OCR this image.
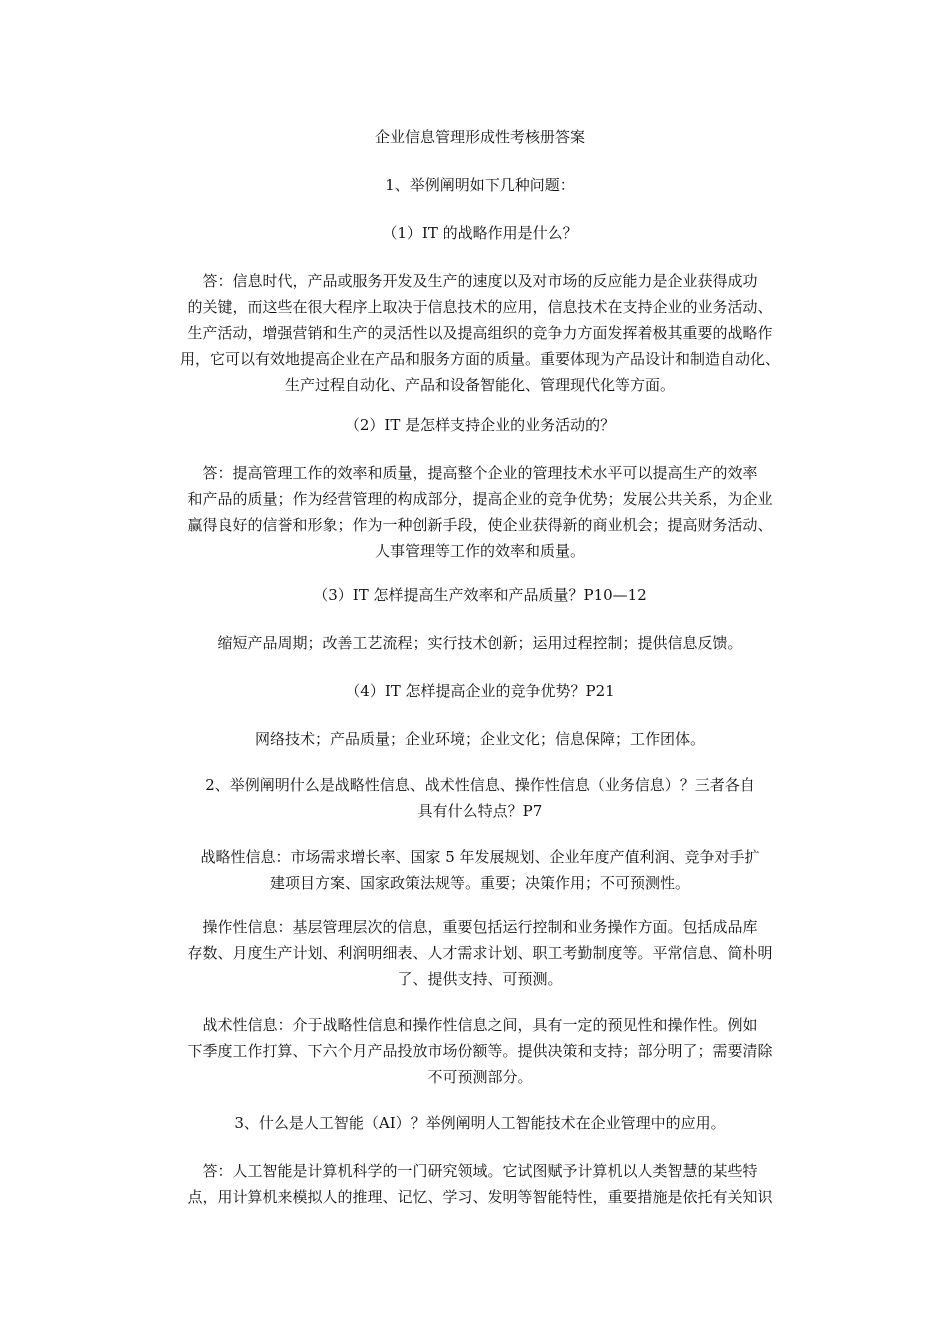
企业信息管理形成性考核册答案

1、举例阐明如下几种问题：

（1）IT 的战略作用是什么？

答：信息时代，产品或服务开发及生产的速度以及对市场的反应能力是企业获得成功
的关键，而这些在很大程序上取决于信息技术的应用，信息技术在支持企业的业务活动、
生产活动，增强营销和生产的灵活性以及提高组织的竞争力方面发挥着极其重要的战略作
用，它可以有效地提高企业在产品和服务方面的质量。重要体现为产品设计和制造自动化、
生产过程自动化、产品和设备智能化、管理现代化等方面。

（2）IT 是怎样支持企业的业务活动的？

答：提高管理工作的效率和质量，提高整个企业的管理技术水平可以提高生产的效率
和产品的质量；作为经营管理的构成部分，提高企业的竞争优势；发展公共关系，为企业
赢得良好的信誉和形象；作为一种创新手段，使企业获得新的商业机会；提高财务活动、
人事管理等工作的效率和质量。

（3）IT 怎样提高生产效率和产品质量？P10—12

缩短产品周期；改善工艺流程；实行技术创新；运用过程控制；提供信息反馈。

（4）IT 怎样提高企业的竞争优势？P21

网络技术；产品质量；企业环境；企业文化；信息保障；工作团体。

2、举例阐明什么是战略性信息、战术性信息、操作性信息（业务信息）？三者各自
具有什么特点？P7

战略性信息：市场需求增长率、国家 5 年发展规划、企业年度产值利润、竞争对手扩
建项目方案、国家政策法规等。重要；决策作用；不可预测性。

操作性信息：基层管理层次的信息，重要包括运行控制和业务操作方面。包括成品库
存数、月度生产计划、利润明细表、人才需求计划、职工考勤制度等。平常信息、简朴明
了、提供支持、可预测。

战术性信息：介于战略性信息和操作性信息之间，具有一定的预见性和操作性。例如
下季度工作打算、下六个月产品投放市场份额等。提供决策和支持；部分明了；需要清除
不可预测部分。

3、什么是人工智能（AI）？举例阐明人工智能技术在企业管理中的应用。

答：人工智能是计算机科学的一门研究领域。它试图赋予计算机以人类智慧的某些特
点，用计算机来模拟人的推理、记忆、学习、发明等智能特性，重要措施是依托有关知识
